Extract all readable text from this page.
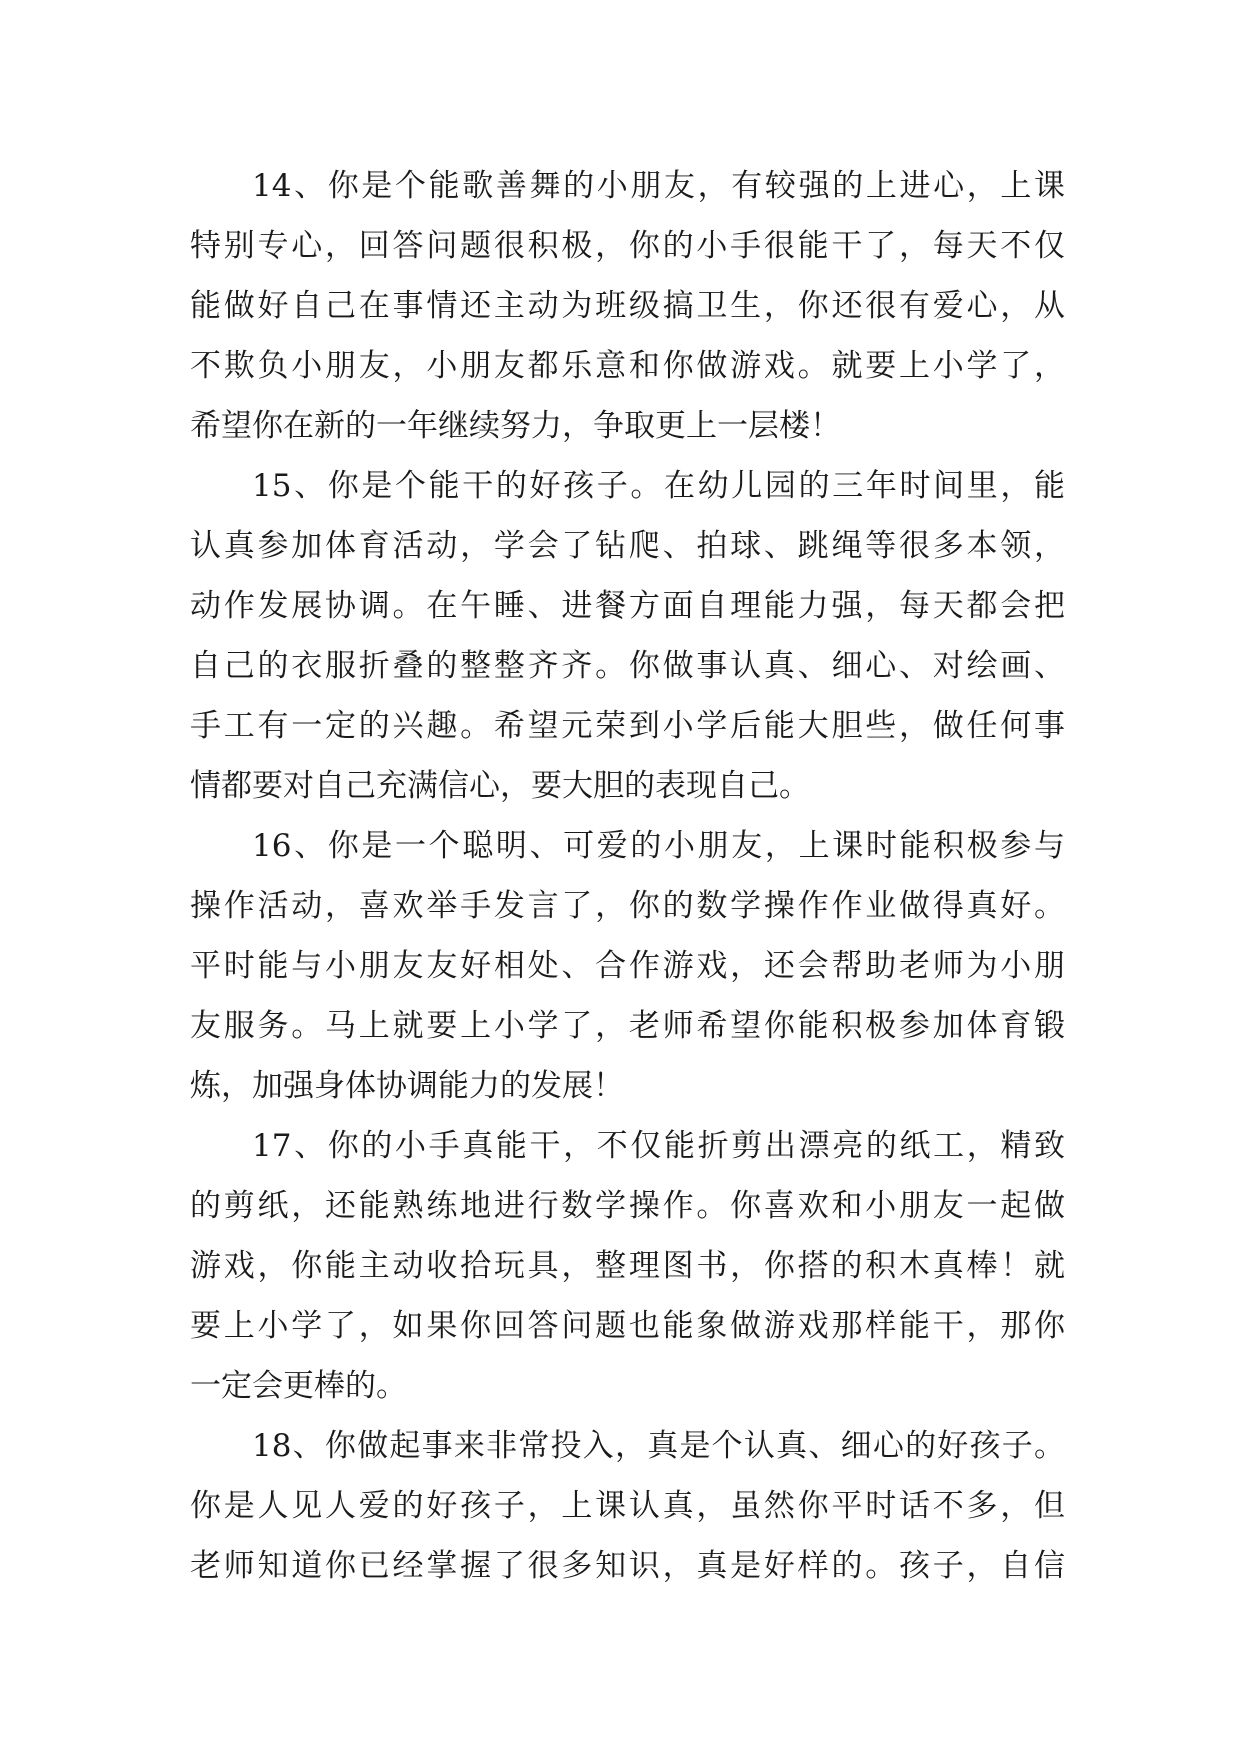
14、你是个能歌善舞的小朋友，有较强的上进心，上课
特别专心，回答问题很积极，你的小手很能干了，每天不仅
能做好自己在事情还主动为班级搞卫生，你还很有爱心，从
不欺负小朋友，小朋友都乐意和你做游戏。就要上小学了，
希望你在新的一年继续努力，争取更上一层楼！
15、你是个能干的好孩子。在幼儿园的三年时间里，能
认真参加体育活动，学会了钻爬、拍球、跳绳等很多本领，
动作发展协调。在午睡、进餐方面自理能力强，每天都会把
自己的衣服折叠的整整齐齐。你做事认真、细心、对绘画、
手工有一定的兴趣。希望元荣到小学后能大胆些，做任何事
情都要对自己充满信心，要大胆的表现自己。
16、你是一个聪明、可爱的小朋友，上课时能积极参与
操作活动，喜欢举手发言了，你的数学操作作业做得真好。
平时能与小朋友友好相处、合作游戏，还会帮助老师为小朋
友服务。马上就要上小学了，老师希望你能积极参加体育锻
炼，加强身体协调能力的发展！
17、你的小手真能干，不仅能折剪出漂亮的纸工，精致
的剪纸，还能熟练地进行数学操作。你喜欢和小朋友一起做
游戏，你能主动收拾玩具，整理图书，你搭的积木真棒！就
要上小学了，如果你回答问题也能象做游戏那样能干，那你
一定会更棒的。
18、你做起事来非常投入，真是个认真、细心的好孩子。
你是人见人爱的好孩子，上课认真，虽然你平时话不多，但
老师知道你已经掌握了很多知识，真是好样的。孩子，自信
